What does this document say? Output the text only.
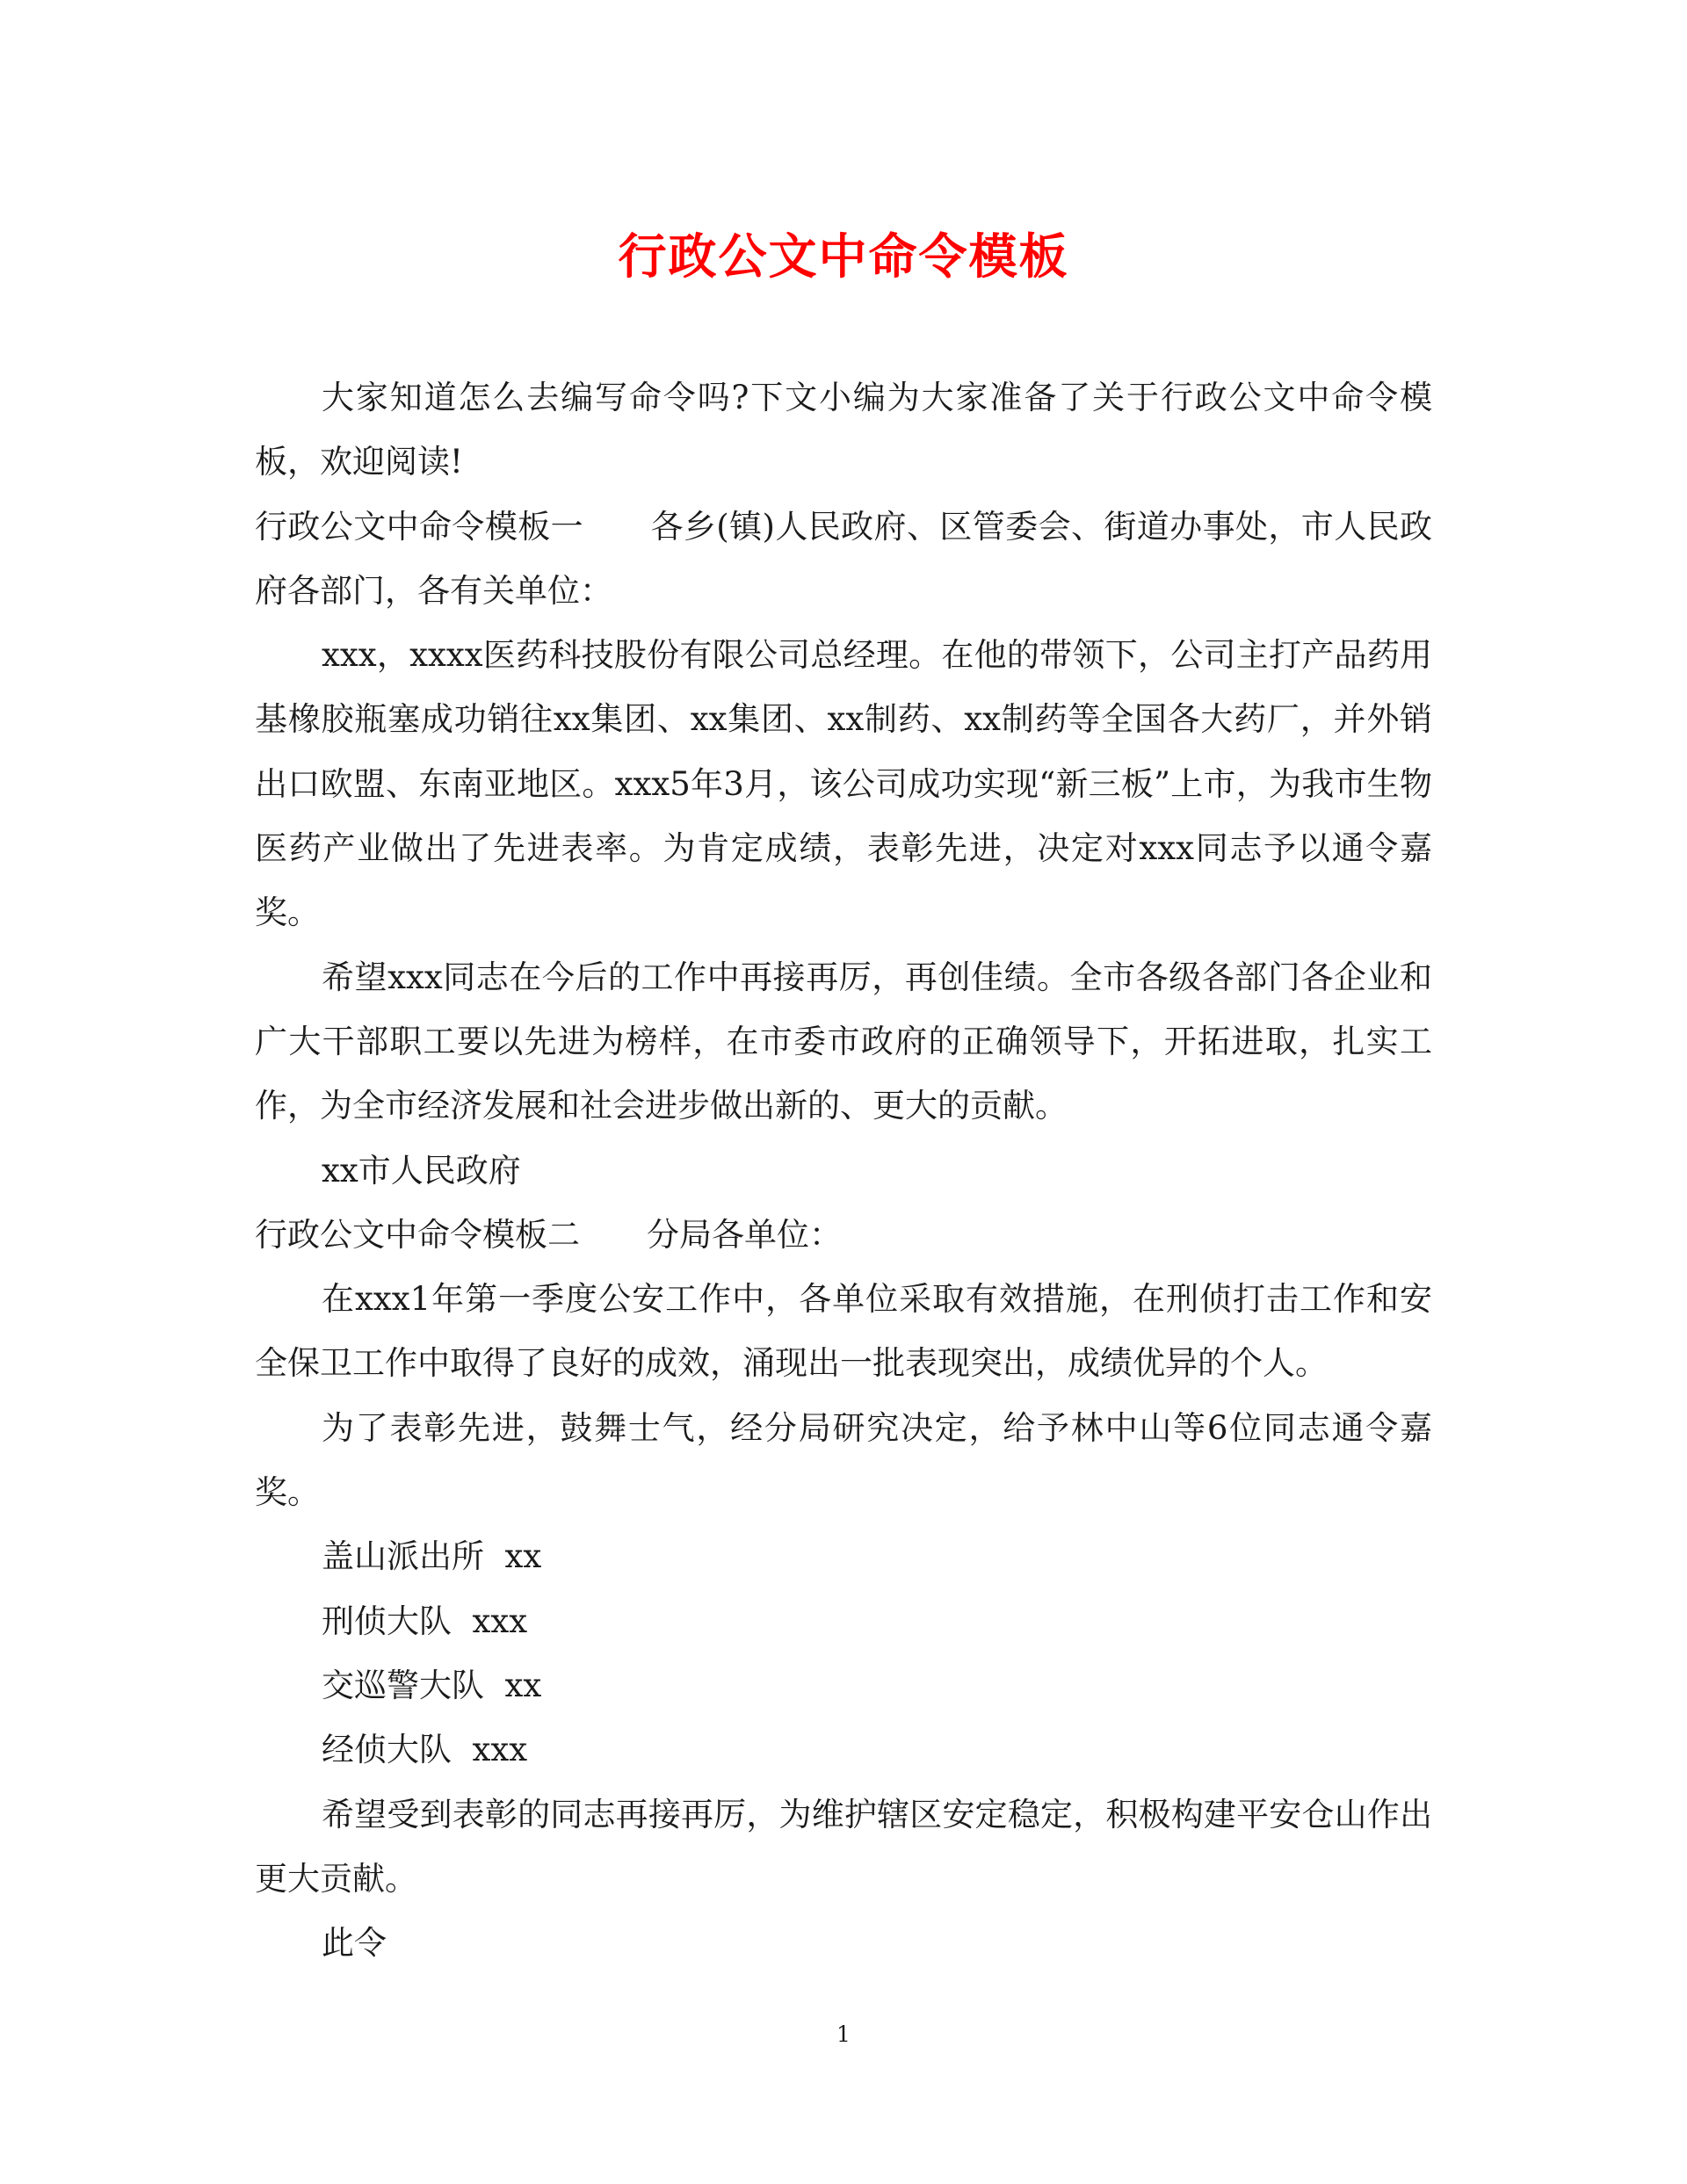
行政公文中命令模板

大家知道怎么去编写命令吗?下文小编为大家准备了关于行政公文中命令模板，欢迎阅读!

行政公文中命令模板一 各乡(镇)人民政府、区管委会、街道办事处，市人民政府各部门，各有关单位：

xxx，xxxx医药科技股份有限公司总经理。在他的带领下，公司主打产品药用基橡胶瓶塞成功销往xx集团、xx集团、xx制药、xx制药等全国各大药厂，并外销出口欧盟、东南亚地区。xxx5年3月，该公司成功实现“新三板”上市，为我市生物医药产业做出了先进表率。为肯定成绩，表彰先进，决定对xxx同志予以通令嘉奖。

希望xxx同志在今后的工作中再接再厉，再创佳绩。全市各级各部门各企业和广大干部职工要以先进为榜样，在市委市政府的正确领导下，开拓进取，扎实工作，为全市经济发展和社会进步做出新的、更大的贡献。

xx市人民政府

行政公文中命令模板二 分局各单位：

在xxx1年第一季度公安工作中，各单位采取有效措施，在刑侦打击工作和安全保卫工作中取得了良好的成效，涌现出一批表现突出，成绩优异的个人。

为了表彰先进，鼓舞士气，经分局研究决定，给予林中山等6位同志通令嘉奖。

盖山派出所  xx

刑侦大队  xxx

交巡警大队  xx

经侦大队  xxx

希望受到表彰的同志再接再厉，为维护辖区安定稳定，积极构建平安仓山作出更大贡献。

此令

1
